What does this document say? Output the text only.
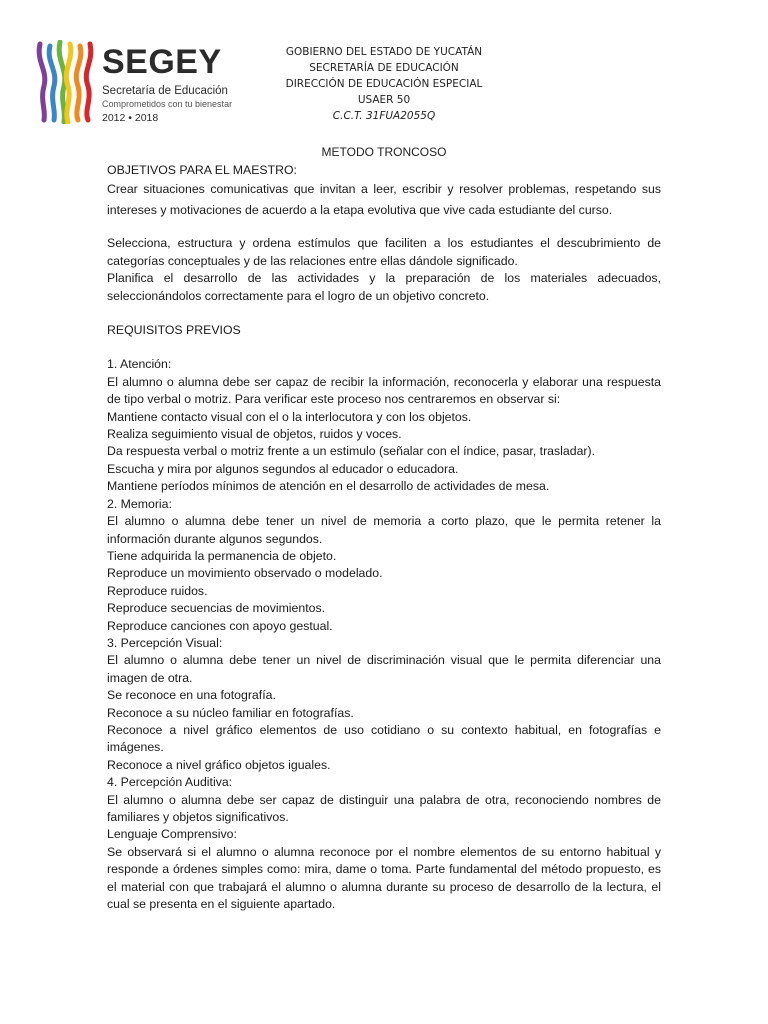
SEGEY
Secretaría de Educación
Comprometidos con tu bienestar
2012 • 2018
GOBIERNO DEL ESTADO DE YUCATÁN
SECRETARÍA DE EDUCACIÓN
DIRECCIÓN DE EDUCACIÓN ESPECIAL
USAER 50
C.C.T. 31FUA2055Q
METODO TRONCOSO

OBJETIVOS PARA EL MAESTRO:

Crear situaciones comunicativas que invitan a leer, escribir y resolver problemas, respetando sus intereses y motivaciones de acuerdo a la etapa evolutiva que vive cada estudiante del curso.

Selecciona, estructura y ordena estímulos que faciliten a los estudiantes el descubrimiento de categorías conceptuales y de las relaciones entre ellas dándole significado.

Planifica el desarrollo de las actividades y la preparación de los materiales adecuados, seleccionándolos correctamente para el logro de un objetivo concreto.

REQUISITOS PREVIOS

1. Atención:

El alumno o alumna debe ser capaz de recibir la información, reconocerla y elaborar una respuesta de tipo verbal o motriz. Para verificar este proceso nos centraremos en observar si:

Mantiene contacto visual con el o la interlocutora y con los objetos.

Realiza seguimiento visual de objetos, ruidos y voces.

Da respuesta verbal o motriz frente a un estimulo (señalar con el índice, pasar, trasladar).

Escucha y mira por algunos segundos al educador o educadora.

Mantiene períodos mínimos de atención en el desarrollo de actividades de mesa.

2. Memoria:

El alumno o alumna debe tener un nivel de memoria a corto plazo, que le permita retener la información durante algunos segundos.

Tiene adquirida la permanencia de objeto.

Reproduce un movimiento observado o modelado.

Reproduce ruidos.

Reproduce secuencias de movimientos.

Reproduce canciones con apoyo gestual.

3. Percepción Visual:

El alumno o alumna debe tener un nivel de discriminación visual que le permita diferenciar una imagen de otra.

Se reconoce en una fotografía.

Reconoce a su núcleo familiar en fotografías.

Reconoce a nivel gráfico elementos de uso cotidiano o su contexto habitual, en fotografías e imágenes.

Reconoce a nivel gráfico objetos iguales.

4. Percepción Auditiva:

El alumno o alumna debe ser capaz de distinguir una palabra de otra, reconociendo nombres de familiares y objetos significativos.

Lenguaje Comprensivo:

Se observará si el alumno o alumna reconoce por el nombre elementos de su entorno habitual y responde a órdenes simples como: mira, dame o toma. Parte fundamental del método propuesto, es el material con que trabajará el alumno o alumna durante su proceso de desarrollo de la lectura, el cual se presenta en el siguiente apartado.
